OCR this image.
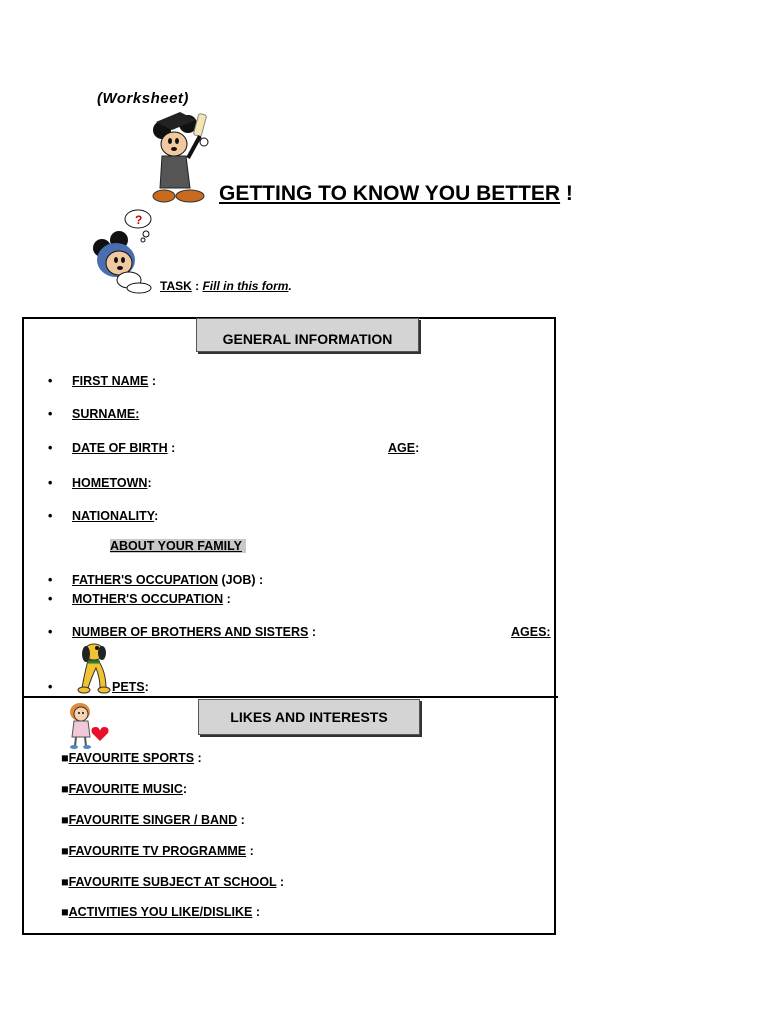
(Worksheet)
GETTING TO KNOW YOU BETTER !
?
TASK : Fill in this form.
GENERAL INFORMATION
• FIRST NAME :
• SURNAME:
• DATE OF BIRTH :	AGE:
• HOMETOWN:
• NATIONALITY:
ABOUT YOUR FAMILY
• FATHER'S OCCUPATION (JOB) :
• MOTHER'S OCCUPATION :
• NUMBER OF BROTHERS AND SISTERS :	AGES:
•	PETS:
LIKES AND INTERESTS
■FAVOURITE SPORTS :
■FAVOURITE MUSIC:
■FAVOURITE SINGER / BAND :
■FAVOURITE TV PROGRAMME :
■FAVOURITE SUBJECT AT SCHOOL :
■ACTIVITIES YOU LIKE/DISLIKE :
